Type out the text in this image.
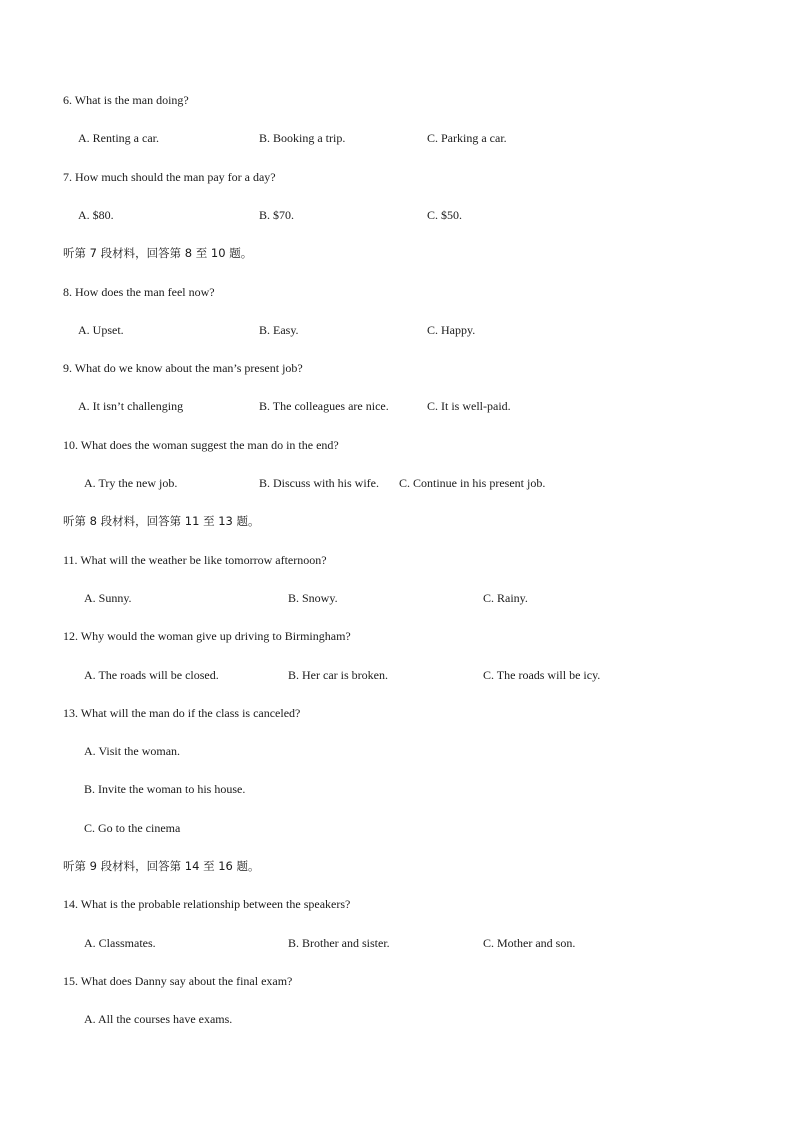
6. What is the man doing?
A. Renting a car.	B. Booking a trip.	C. Parking a car.
7. How much should the man pay for a day?
A. $80.	B. $70.	C. $50.
听第 7 段材料，回答第 8 至 10 题。
8. How does the man feel now?
A. Upset.	B. Easy.	C. Happy.
9. What do we know about the man’s present job?
A. It isn’t challenging	B. The colleagues are nice.	C. It is well-paid.
10. What does the woman suggest the man do in the end?
A. Try the new job.	B. Discuss with his wife. C. Continue in his present job.
听第 8 段材料，回答第 11 至 13 题。
11. What will the weather be like tomorrow afternoon?
A. Sunny.	B. Snowy.	C. Rainy.
12. Why would the woman give up driving to Birmingham?
A. The roads will be closed.	B. Her car is broken.	C. The roads will be icy.
13. What will the man do if the class is canceled?
A. Visit the woman.
B. Invite the woman to his house.
C. Go to the cinema
听第 9 段材料，回答第 14 至 16 题。
14. What is the probable relationship between the speakers?
A. Classmates.	B. Brother and sister.	C. Mother and son.
15. What does Danny say about the final exam?
A. All the courses have exams.
